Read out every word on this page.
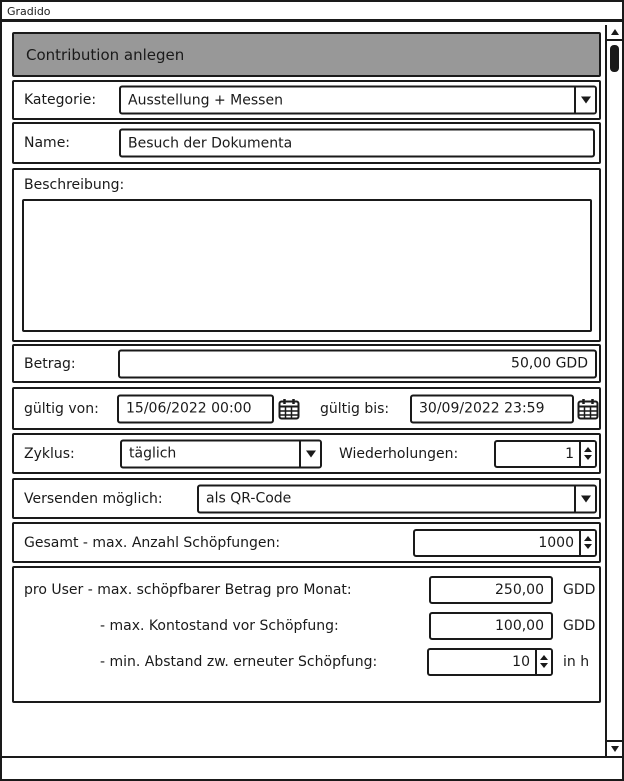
Gradido
Contribution anlegen
Kategorie:	Ausstellung + Messen
Name:
Besuch der Dokumenta
Beschreibung:
Betrag:
50,00 GDD
gültig von:
15/06/2022 00:00	gültig bis:
30/09/2022 23:59
Zyklus:	täglich	Wiederholungen:
1
Versenden möglich:	als QR-Code
Gesamt - max. Anzahl Schöpfungen:
1000
pro User - max. schöpfbarer Betrag pro Monat:
250,00	GDD
- max. Kontostand vor Schöpfung:
100,00	GDD
- min. Abstand zw. erneuter Schöpfung:
10	in h
